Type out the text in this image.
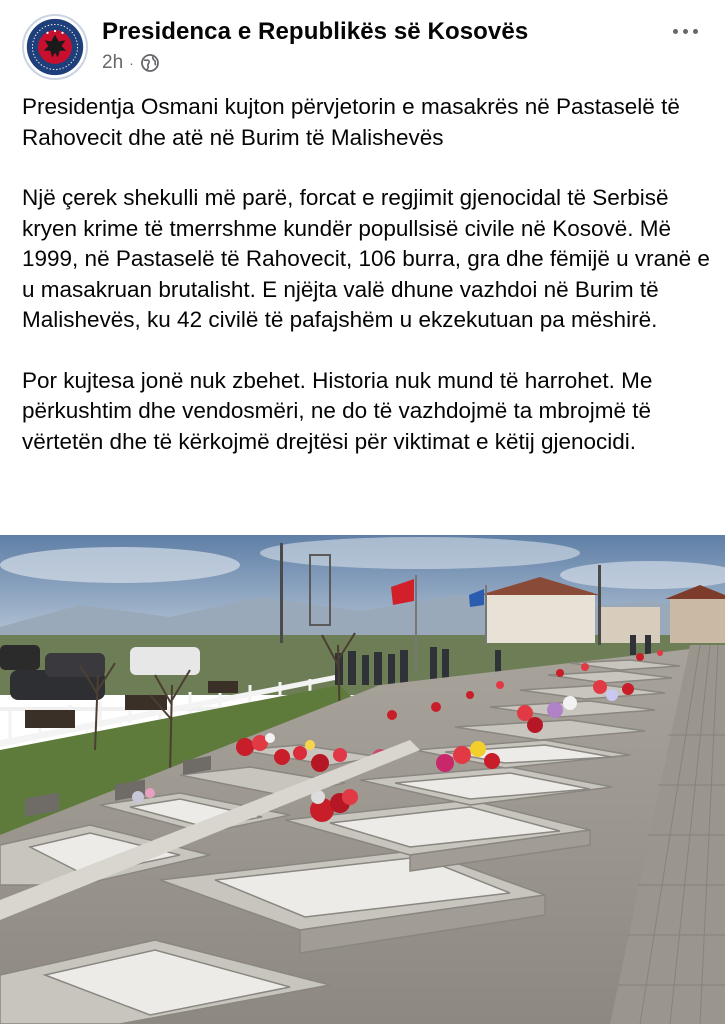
Presidenca e Republikës së Kosovës
2h ·

Presidentja Osmani kujton përvjetorin e masakrës në Pastaselë të Rahovecit dhe atë në Burim të Malishevës

Një çerek shekulli më parë, forcat e regjimit gjenocidal të Serbisë kryen krime të tmerrshme kundër popullsisë civile në Kosovë. Më 1999, në Pastaselë të Rahovecit, 106 burra, gra dhe fëmijë u vranë e u masakruan brutalisht. E njëjta valë dhune vazhdoi në Burim të Malishevës, ku 42 civilë të pafajshëm u ekzekutuan pa mëshirë.

Por kujtesa jonë nuk zbehet. Historia nuk mund të harrohet. Me përkushtim dhe vendosmëri, ne do të vazhdojmë ta mbrojmë të vërtetën dhe të kërkojmë drejtësi për viktimat e këtij gjenocidi.
